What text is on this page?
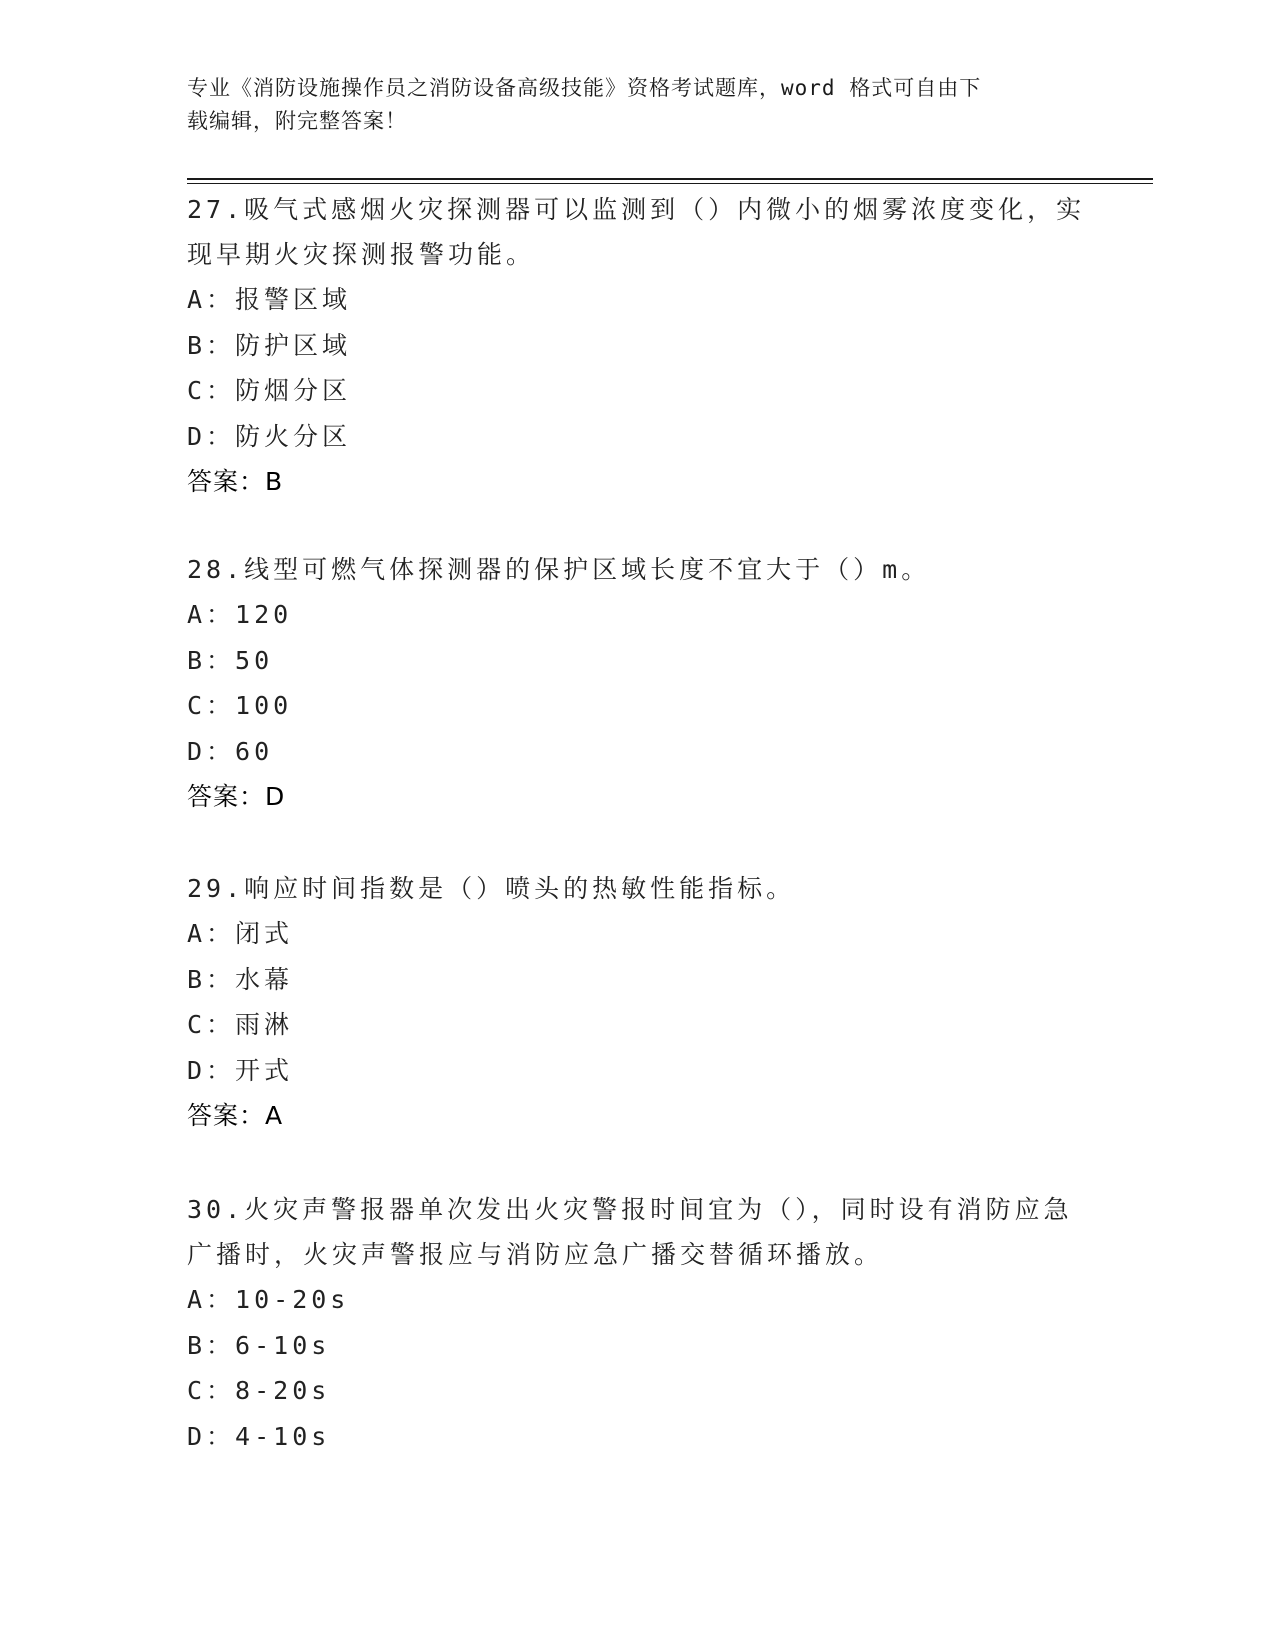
专业《消防设施操作员之消防设备高级技能》资格考试题库，word 格式可自由下
载编辑，附完整答案！

27.吸气式感烟火灾探测器可以监测到（）内微小的烟雾浓度变化，实

现早期火灾探测报警功能。

A：报警区域

B：防护区域

C：防烟分区

D：防火分区

答案：B

28.线型可燃气体探测器的保护区域长度不宜大于（）m。

A：120

B：50

C：100

D：60

答案：D

29.响应时间指数是（）喷头的热敏性能指标。

A：闭式

B：水幕

C：雨淋

D：开式

答案：A

30.火灾声警报器单次发出火灾警报时间宜为（），同时设有消防应急

广播时，火灾声警报应与消防应急广播交替循环播放。

A：10-20s

B：6-10s

C：8-20s

D：4-10s
